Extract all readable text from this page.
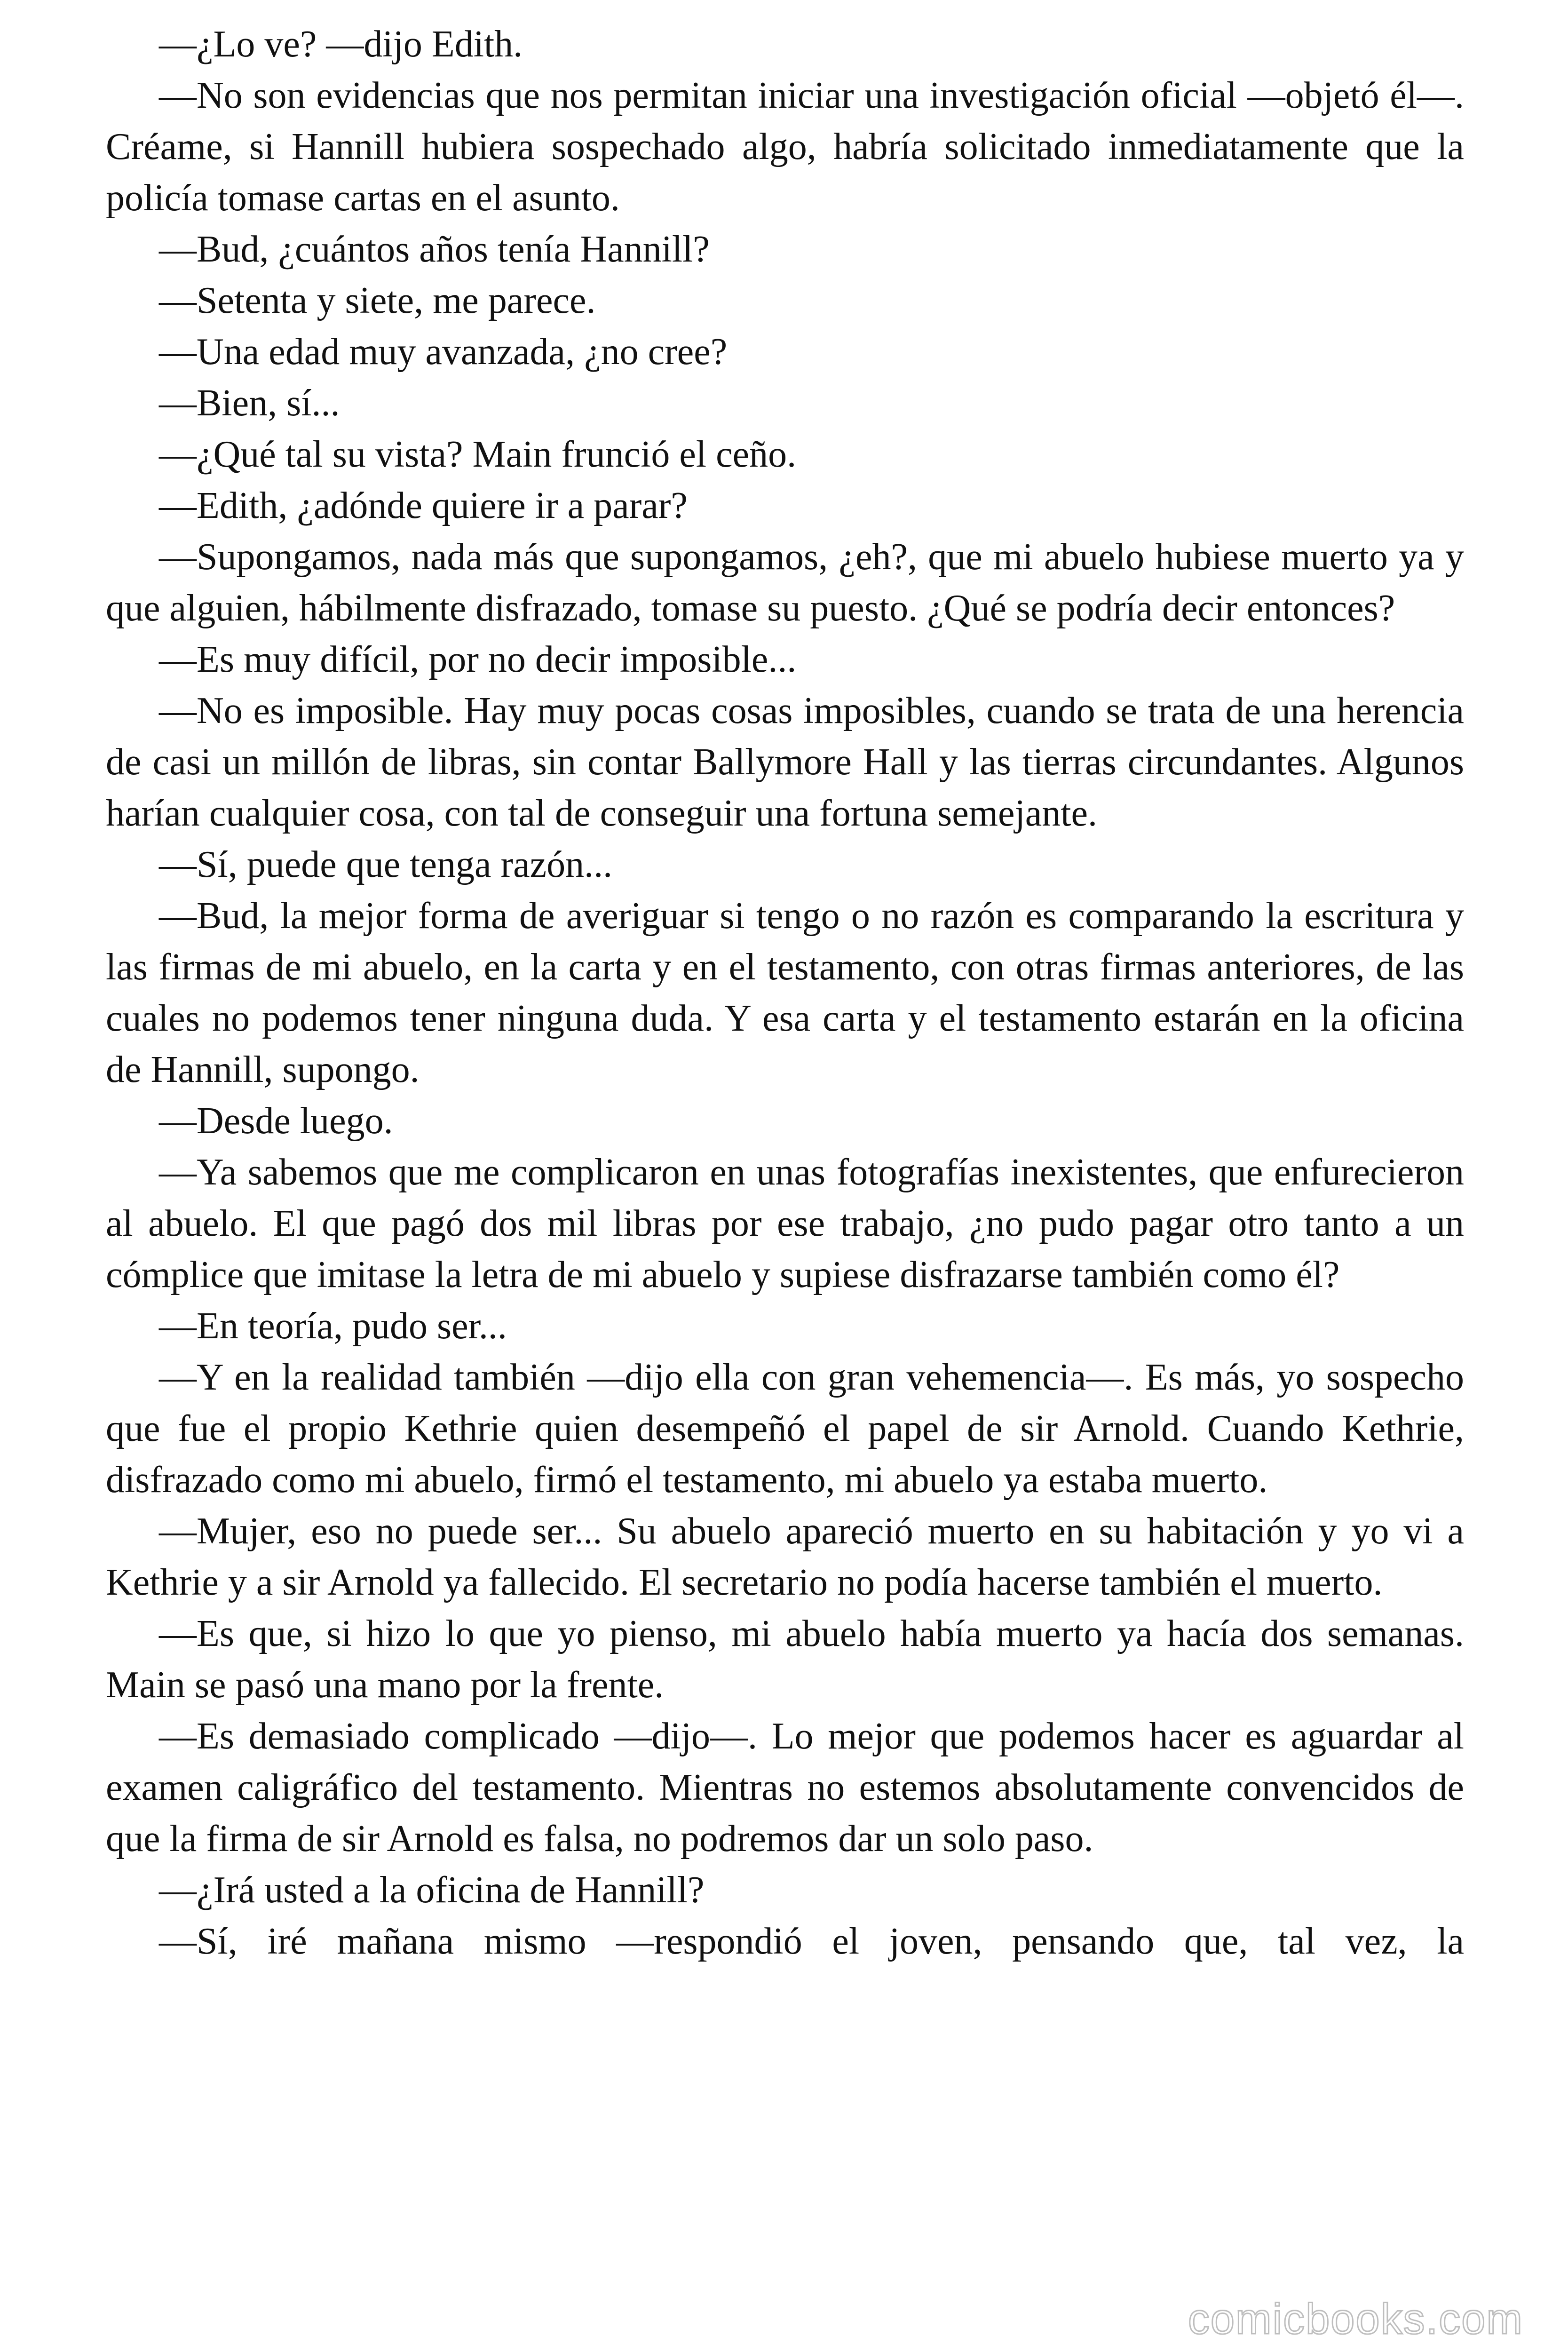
—¿Lo ve? —dijo Edith.

—No son evidencias que nos permitan iniciar una investigación oficial —objetó él—. Créame, si Hannill hubiera sospechado algo, habría solicitado inmediatamente que la policía tomase cartas en el asunto.

—Bud, ¿cuántos años tenía Hannill?

—Setenta y siete, me parece.

—Una edad muy avanzada, ¿no cree?

—Bien, sí...

—¿Qué tal su vista? Main frunció el ceño.

—Edith, ¿adónde quiere ir a parar?

—Supongamos, nada más que supongamos, ¿eh?, que mi abuelo hubiese muerto ya y que alguien, hábilmente disfrazado, tomase su puesto. ¿Qué se podría decir entonces?

—Es muy difícil, por no decir imposible...

—No es imposible. Hay muy pocas cosas imposibles, cuando se trata de una herencia de casi un millón de libras, sin contar Ballymore Hall y las tierras circundantes. Algunos harían cualquier cosa, con tal de conseguir una fortuna semejante.

—Sí, puede que tenga razón...

—Bud, la mejor forma de averiguar si tengo o no razón es comparando la escritura y las firmas de mi abuelo, en la carta y en el testamento, con otras firmas anteriores, de las cuales no podemos tener ninguna duda. Y esa carta y el testamento estarán en la oficina de Hannill, supongo.

—Desde luego.

—Ya sabemos que me complicaron en unas fotografías inexistentes, que enfurecieron al abuelo. El que pagó dos mil libras por ese trabajo, ¿no pudo pagar otro tanto a un cómplice que imitase la letra de mi abuelo y supiese disfrazarse también como él?

—En teoría, pudo ser...

—Y en la realidad también —dijo ella con gran vehemencia—. Es más, yo sospecho que fue el propio Kethrie quien desempeñó el papel de sir Arnold. Cuando Kethrie, disfrazado como mi abuelo, firmó el testamento, mi abuelo ya estaba muerto.

—Mujer, eso no puede ser... Su abuelo apareció muerto en su habitación y yo vi a Kethrie y a sir Arnold ya fallecido. El secretario no podía hacerse también el muerto.

—Es que, si hizo lo que yo pienso, mi abuelo había muerto ya hacía dos semanas. Main se pasó una mano por la frente.

—Es demasiado complicado —dijo—. Lo mejor que podemos hacer es aguardar al examen caligráfico del testamento. Mientras no estemos absolutamente convencidos de que la firma de sir Arnold es falsa, no podremos dar un solo paso.

—¿Irá usted a la oficina de Hannill?

—Sí, iré mañana mismo —respondió el joven, pensando que, tal vez, la

comicbooks.com
